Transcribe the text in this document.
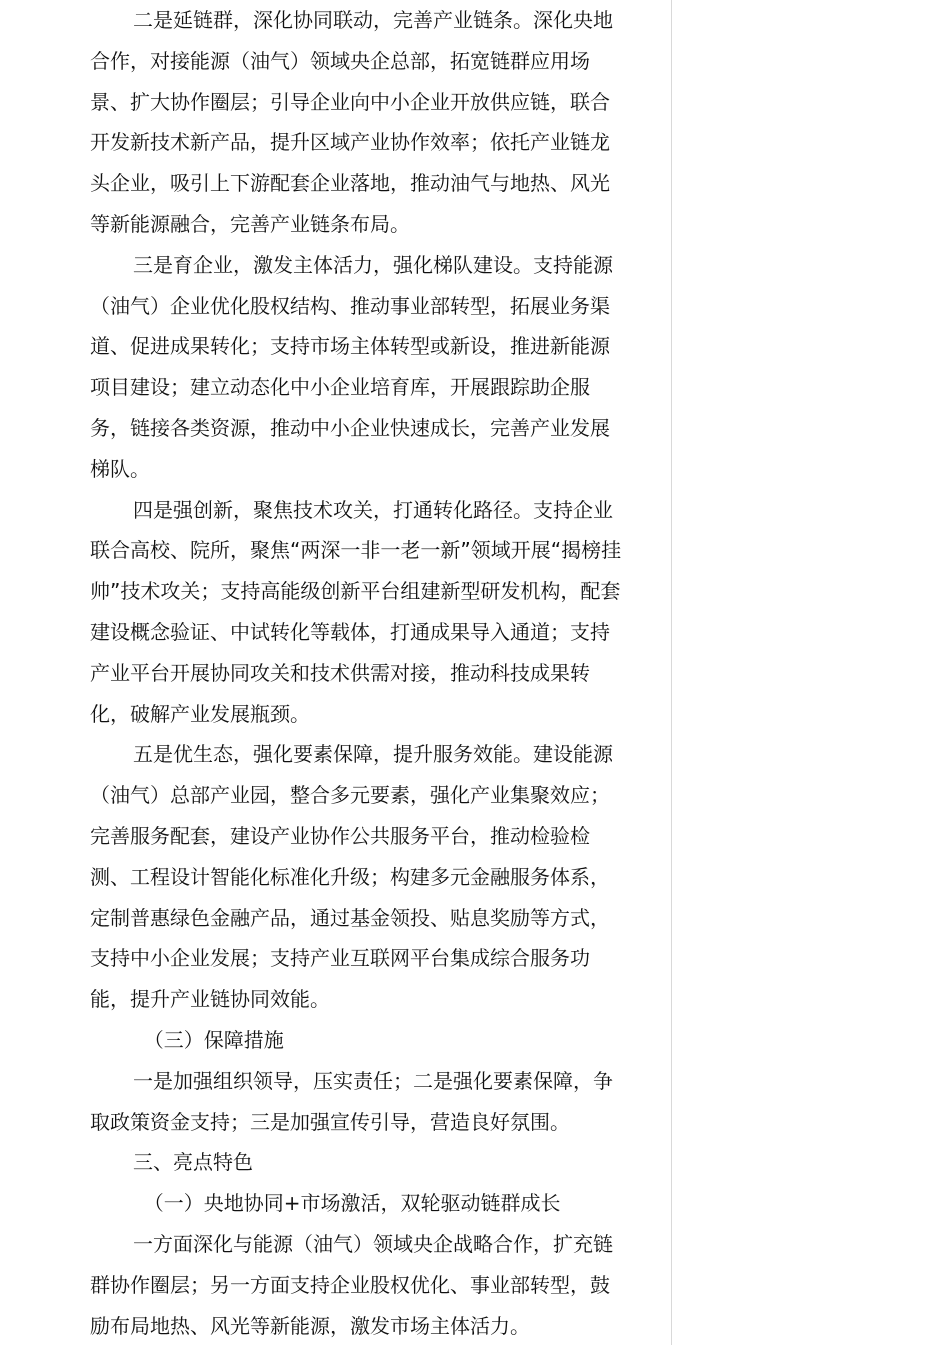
二是延链群，深化协同联动，完善产业链条。深化央地

合作，对接能源（油气）领域央企总部，拓宽链群应用场

景、扩大协作圈层；引导企业向中小企业开放供应链，联合

开发新技术新产品，提升区域产业协作效率；依托产业链龙

头企业，吸引上下游配套企业落地，推动油气与地热、风光

等新能源融合，完善产业链条布局。

三是育企业，激发主体活力，强化梯队建设。支持能源

（油气）企业优化股权结构、推动事业部转型，拓展业务渠

道、促进成果转化；支持市场主体转型或新设，推进新能源

项目建设；建立动态化中小企业培育库，开展跟踪助企服

务，链接各类资源，推动中小企业快速成长，完善产业发展

梯队。

四是强创新，聚焦技术攻关，打通转化路径。支持企业

联合高校、院所，聚焦“两深一非一老一新”领域开展“揭榜挂

帅”技术攻关；支持高能级创新平台组建新型研发机构，配套

建设概念验证、中试转化等载体，打通成果导入通道；支持

产业平台开展协同攻关和技术供需对接，推动科技成果转

化，破解产业发展瓶颈。

五是优生态，强化要素保障，提升服务效能。建设能源

（油气）总部产业园，整合多元要素，强化产业集聚效应；

完善服务配套，建设产业协作公共服务平台，推动检验检

测、工程设计智能化标准化升级；构建多元金融服务体系，

定制普惠绿色金融产品，通过基金领投、贴息奖励等方式，

支持中小企业发展；支持产业互联网平台集成综合服务功

能，提升产业链协同效能。

（三）保障措施

一是加强组织领导，压实责任；二是强化要素保障，争

取政策资金支持；三是加强宣传引导，营造良好氛围。

三、亮点特色

（一）央地协同+市场激活，双轮驱动链群成长

一方面深化与能源（油气）领域央企战略合作，扩充链

群协作圈层；另一方面支持企业股权优化、事业部转型，鼓

励布局地热、风光等新能源，激发市场主体活力。
